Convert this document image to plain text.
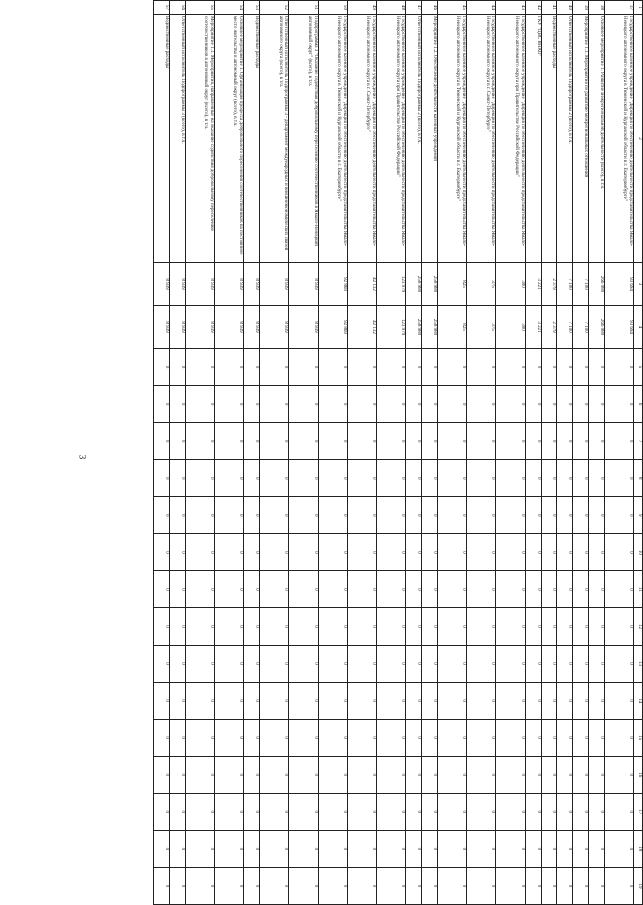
3
1	2	3	4	5	6	7	8	9	10	11	12	13	14	15	16	17	18	19
37	Государственное казенное учреждение "Дирекция по обеспечению деятельности представительства Ямало-Ненецкого автономного округа в Тюменской и Курганской области в г. Екатеринбурге"	93 694	93 694	0	0	0	0	0	0	0	0	0	0	0	0	0	0	0
38	Основное мероприятие 1. Развитие межрегиональной деятельности (всего), в т.ч.	266 080	266 080	0	0	0	0	0	0	0	0	0	0	0	0	0	0	0
39	Мероприятие 1.1. Мероприятия по развитию межрегиональных отношений	7 100	7 100	0	0	0	0	0	0	0	0	0	0	0	0	0	0	0
40	Ответственный исполнитель Подпрограммы 2 (всего), в т.ч.	7 100	7 100	0	0	0	0	0	0	0	0	0	0	0	0	0	0	0
41	Ведомственные расходы	2 379	2 379	0	0	0	0	0	0	0	0	0	0	0	0	0	0	0
42	ГКУ "ЦВС ЯНАО"	3 221	3 221	0	0	0	0	0	0	0	0	0	0	0	0	0	0	0
43	Государственное казенное учреждение "Дирекция по обеспечению деятельности представительства Ямало-Ненецкого автономного округа при Правительстве Российской Федерации"	300	300	0	0	0	0	0	0	0	0	0	0	0	0	0	0	0
44	Государственное казенное учреждение "Дирекция по обеспечению деятельности представительства Ямало-Ненецкого автономного округа в г. Санкт-Петербурге"	375	375	0	0	0	0	0	0	0	0	0	0	0	0	0	0	0
45	Государственное казенное учреждение "Дирекция по обеспечению деятельности представительства Ямало-Ненецкого автономного округа в Тюменской и Курганской области в г. Екатеринбурге"	825	825	0	0	0	0	0	0	0	0	0	0	0	0	0	0	0
46	Мероприятие 1.2. Обеспечение деятельности казенных учреждений	258 980	258 980	0	0	0	0	0	0	0	0	0	0	0	0	0	0	0
47	Ответственный исполнитель Подпрограммы 2 (всего), в т.ч.	258 980	258 980	0	0	0	0	0	0	0	0	0	0	0	0	0	0	0
48	Государственное казенное учреждение "Дирекция по обеспечению деятельности представительства Ямало-Ненецкого автономного округа при Правительстве Российской Федерации"	123 979	123 979	0	0	0	0	0	0	0	0	0	0	0	0	0	0	0
49	Государственное казенное учреждение "Дирекция по обеспечению деятельности представительства Ямало-Ненецкого автономного округа в г. Санкт-Петербурге"	42 132	42 132	0	0	0	0	0	0	0	0	0	0	0	0	0	0	0
50	Государственное казенное учреждение "Дирекция по обеспечению деятельности представительства Ямало-Ненецкого автономного округа в Тюменской и Курганской области в г. Екатеринбурге"	92 869	92 869	0	0	0	0	0	0	0	0	0	0	0	0	0	0	0
51	Подпрограмма 3 "Оказание содействия добровольному переселению соотечественников в Ямало-Ненецкий автономный округ" (всего), в т.ч.	8 939	8 939	0	0	0	0	0	0	0	0	0	0	0	0	0	0	0
52	Ответственный исполнитель Подпрограммы 3 - департамент международных и внешнеэкономических связей автономного округа (всего), в т.ч.	8 939	8 939	0	0	0	0	0	0	0	0	0	0	0	0	0	0	0
53	Ведомственные расходы	8 939	8 939	0	0	0	0	0	0	0	0	0	0	0	0	0	0	0
54	Основное мероприятие 1. Организация процесса добровольного переселения соотечественников на постоянное место жительства в автономный округ (всего), в т.ч.	8 939	8 939	0	0	0	0	0	0	0	0	0	0	0	0	0	0	0
55	Мероприятие 1.1. Мероприятия, направленные на оказание содействия добровольному переселению соотечественников в автономный округ (всего), в т.ч.	8 939	8 939	0	0	0	0	0	0	0	0	0	0	0	0	0	0	0
56	Ответственный исполнитель Подпрограммы 3 (всего), в т.ч.	8 939	8 939	0	0	0	0	0	0	0	0	0	0	0	0	0	0	0
57	Ведомственные расходы	8 939	8 939	0	0	0	0	0	0	0	0	0	0	0	0	0	0	0
